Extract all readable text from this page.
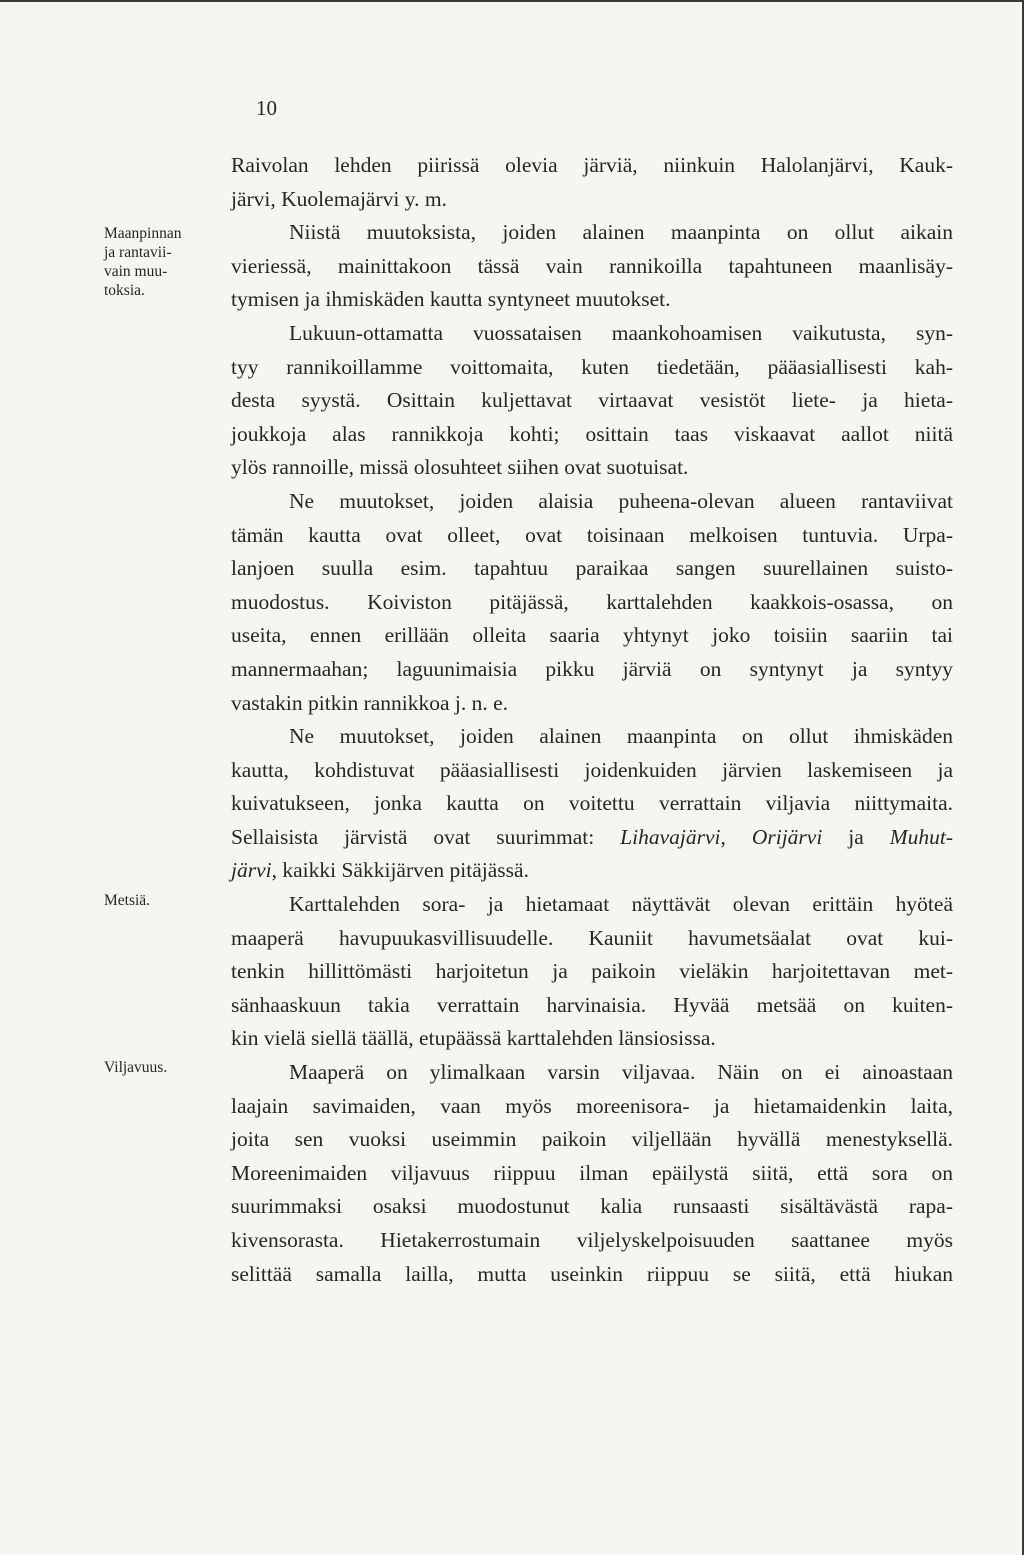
10
Maanpinnan
ja rantavii-
vain muu-
toksia.
Metsiä.
Viljavuus.
Raivolan lehden piirissä olevia järviä, niinkuin Halolanjärvi, Kauk-
järvi, Kuolemajärvi y. m.
Niistä muutoksista, joiden alainen maanpinta on ollut aikain
vieriessä, mainittakoon tässä vain rannikoilla tapahtuneen maanlisäy-
tymisen ja ihmiskäden kautta syntyneet muutokset.
Lukuun-ottamatta vuossataisen maankohoamisen vaikutusta, syn-
tyy rannikoillamme voittomaita, kuten tiedetään, pääasiallisesti kah-
desta syystä. Osittain kuljettavat virtaavat vesistöt liete- ja hieta-
joukkoja alas rannikkoja kohti; osittain taas viskaavat aallot niitä
ylös rannoille, missä olosuhteet siihen ovat suotuisat.
Ne muutokset, joiden alaisia puheena-olevan alueen rantaviivat
tämän kautta ovat olleet, ovat toisinaan melkoisen tuntuvia. Urpa-
lanjoen suulla esim. tapahtuu paraikaa sangen suurellainen suisto-
muodostus. Koiviston pitäjässä, karttalehden kaakkois-osassa, on
useita, ennen erillään olleita saaria yhtynyt joko toisiin saariin tai
mannermaahan; laguunimaisia pikku järviä on syntynyt ja syntyy
vastakin pitkin rannikkoa j. n. e.
Ne muutokset, joiden alainen maanpinta on ollut ihmiskäden
kautta, kohdistuvat pääasiallisesti joidenkuiden järvien laskemiseen ja
kuivatukseen, jonka kautta on voitettu verrattain viljavia niittymaita.
Sellaisista järvistä ovat suurimmat: Lihavajärvi, Orijärvi ja Muhut-
järvi, kaikki Säkkijärven pitäjässä.
Karttalehden sora- ja hietamaat näyttävät olevan erittäin hyöteä
maaperä havupuukasvillisuudelle. Kauniit havumetsäalat ovat kui-
tenkin hillittömästi harjoitetun ja paikoin vieläkin harjoitettavan met-
sänhaaskuun takia verrattain harvinaisia. Hyvää metsää on kuiten-
kin vielä siellä täällä, etupäässä karttalehden länsiosissa.
Maaperä on ylimalkaan varsin viljavaa. Näin on ei ainoastaan
laajain savimaiden, vaan myös moreenisora- ja hietamaidenkin laita,
joita sen vuoksi useimmin paikoin viljellään hyvällä menestyksellä.
Moreenimaiden viljavuus riippuu ilman epäilystä siitä, että sora on
suurimmaksi osaksi muodostunut kalia runsaasti sisältävästä rapa-
kivensorasta. Hietakerrostumain viljelyskelpoisuuden saattanee myös
selittää samalla lailla, mutta useinkin riippuu se siitä, että hiukan
